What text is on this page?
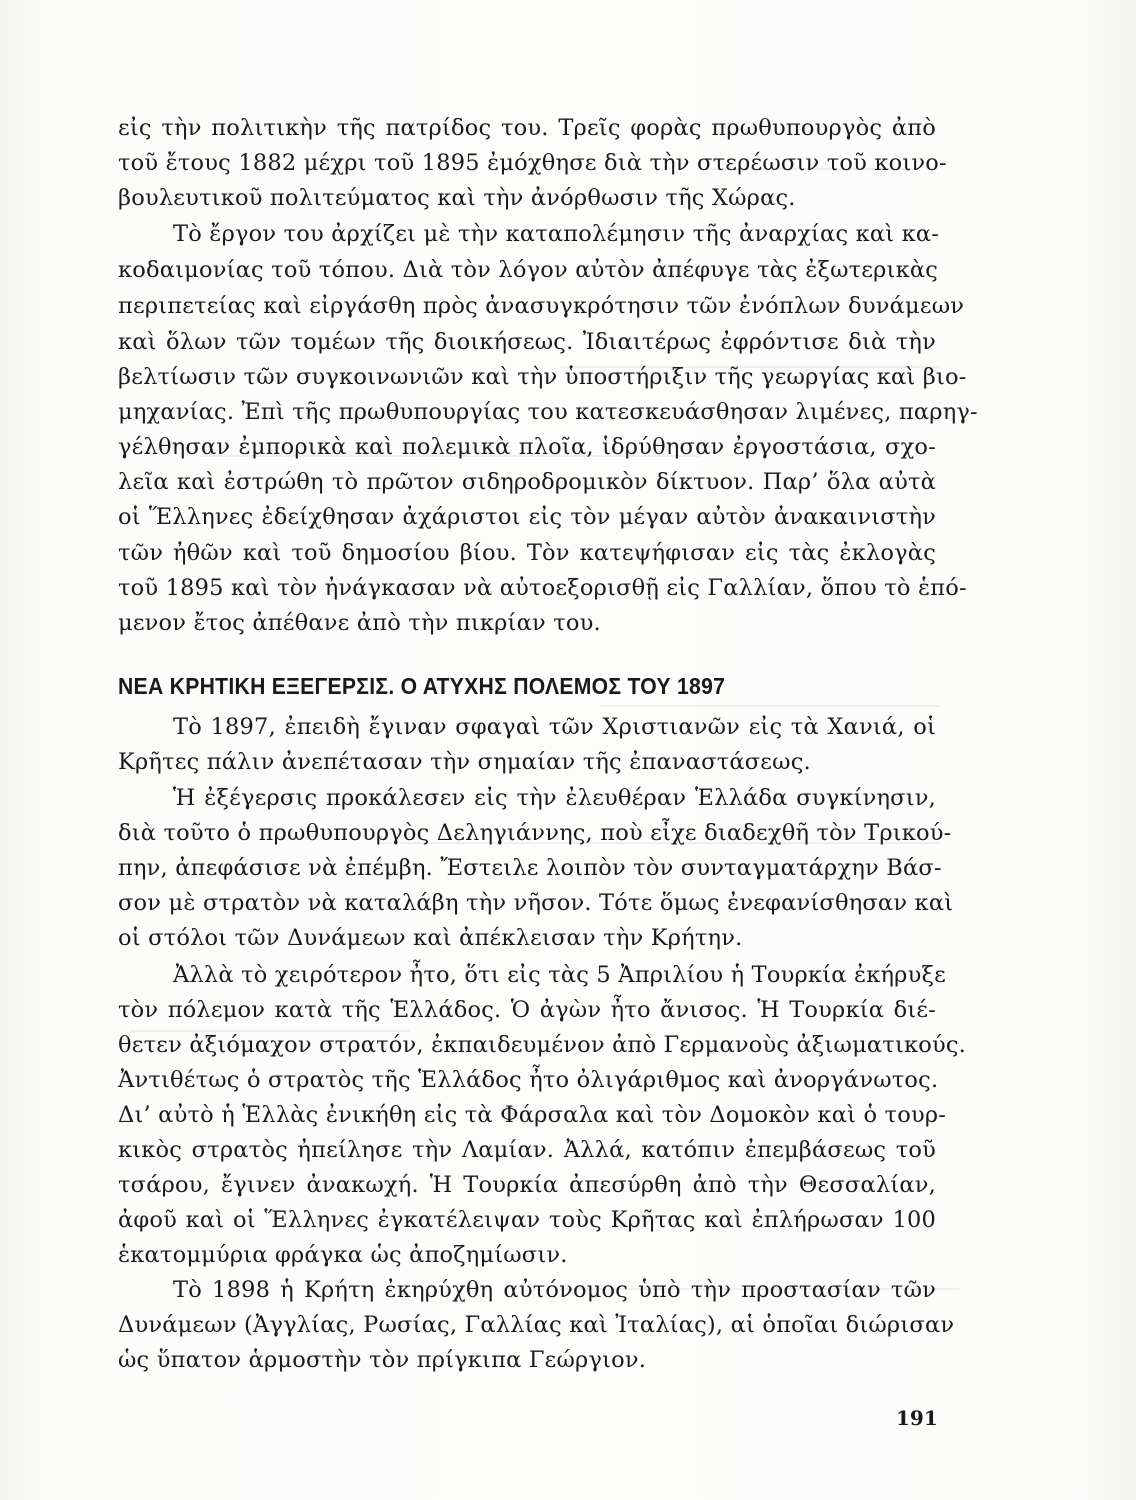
εἰς τὴν πολιτικὴν τῆς πατρίδος του. Τρεῖς φορὰς πρωθυπουργὸς ἀπὸ
τοῦ ἔτους 1882 μέχρι τοῦ 1895 ἐμόχθησε διὰ τὴν στερέωσιν τοῦ κοινο-
βουλευτικοῦ πολιτεύματος καὶ τὴν ἀνόρθωσιν τῆς Χώρας.
Τὸ ἔργον του ἀρχίζει μὲ τὴν καταπολέμησιν τῆς ἀναρχίας καὶ κα-
κοδαιμονίας τοῦ τόπου. Διὰ τὸν λόγον αὐτὸν ἀπέφυγε τὰς ἐξωτερικὰς
περιπετείας καὶ εἰργάσθη πρὸς ἀνασυγκρότησιν τῶν ἐνόπλων δυνάμεων
καὶ ὅλων τῶν τομέων τῆς διοικήσεως. Ἰδιαιτέρως ἐφρόντισε διὰ τὴν
βελτίωσιν τῶν συγκοινωνιῶν καὶ τὴν ὑποστήριξιν τῆς γεωργίας καὶ βιο-
μηχανίας. Ἐπὶ τῆς πρωθυπουργίας του κατεσκευάσθησαν λιμένες, παρηγ-
γέλθησαν ἐμπορικὰ καὶ πολεμικὰ πλοῖα, ἱδρύθησαν ἐργοστάσια, σχο-
λεῖα καὶ ἐστρώθη τὸ πρῶτον σιδηροδρομικὸν δίκτυον. Παρ’ ὅλα αὐτὰ
οἱ Ἕλληνες ἐδείχθησαν ἀχάριστοι εἰς τὸν μέγαν αὐτὸν ἀνακαινιστὴν
τῶν ἠθῶν καὶ τοῦ δημοσίου βίου. Τὸν κατεψήφισαν εἰς τὰς ἐκλογὰς
τοῦ 1895 καὶ τὸν ἠνάγκασαν νὰ αὐτοεξορισθῇ εἰς Γαλλίαν, ὅπου τὸ ἑπό-
μενον ἔτος ἀπέθανε ἀπὸ τὴν πικρίαν του.
ΝΕΑ ΚΡΗΤΙΚΗ ΕΞΕΓΕΡΣΙΣ. Ο ΑΤΥΧΗΣ ΠΟΛΕΜΟΣ ΤΟΥ 1897
Τὸ 1897, ἐπειδὴ ἔγιναν σφαγαὶ τῶν Χριστιανῶν εἰς τὰ Χανιά, οἱ
Κρῆτες πάλιν ἀνεπέτασαν τὴν σημαίαν τῆς ἐπαναστάσεως.
Ἡ ἐξέγερσις προκάλεσεν εἰς τὴν ἐλευθέραν Ἑλλάδα συγκίνησιν,
διὰ τοῦτο ὁ πρωθυπουργὸς Δεληγιάννης, ποὺ εἶχε διαδεχθῆ τὸν Τρικού-
πην, ἀπεφάσισε νὰ ἐπέμβη. Ἔστειλε λοιπὸν τὸν συνταγματάρχην Βάσ-
σον μὲ στρατὸν νὰ καταλάβη τὴν νῆσον. Τότε ὅμως ἐνεφανίσθησαν καὶ
οἱ στόλοι τῶν Δυνάμεων καὶ ἀπέκλεισαν τὴν Κρήτην.
Ἀλλὰ τὸ χειρότερον ἦτο, ὅτι εἰς τὰς 5 Ἀπριλίου ἡ Τουρκία ἐκήρυξε
τὸν πόλεμον κατὰ τῆς Ἑλλάδος. Ὁ ἀγὼν ἦτο ἄνισος. Ἡ Τουρκία διέ-
θετεν ἀξιόμαχον στρατόν, ἐκπαιδευμένον ἀπὸ Γερμανοὺς ἀξιωματικούς.
Ἀντιθέτως ὁ στρατὸς τῆς Ἑλλάδος ἦτο ὀλιγάριθμος καὶ ἀνοργάνωτος.
Δι’ αὐτὸ ἡ Ἑλλὰς ἐνικήθη εἰς τὰ Φάρσαλα καὶ τὸν Δομοκὸν καὶ ὁ τουρ-
κικὸς στρατὸς ἠπείλησε τὴν Λαμίαν. Ἀλλά, κατόπιν ἐπεμβάσεως τοῦ
τσάρου, ἔγινεν ἀνακωχή. Ἡ Τουρκία ἀπεσύρθη ἀπὸ τὴν Θεσσαλίαν,
ἀφοῦ καὶ οἱ Ἕλληνες ἐγκατέλειψαν τοὺς Κρῆτας καὶ ἐπλήρωσαν 100
ἑκατομμύρια φράγκα ὡς ἀποζημίωσιν.
Τὸ 1898 ἡ Κρήτη ἐκηρύχθη αὐτόνομος ὑπὸ τὴν προστασίαν τῶν
Δυνάμεων (Ἀγγλίας, Ρωσίας, Γαλλίας καὶ Ἰταλίας), αἱ ὁποῖαι διώρισαν
ὡς ὕπατον ἁρμοστὴν τὸν πρίγκιπα Γεώργιον.
191
